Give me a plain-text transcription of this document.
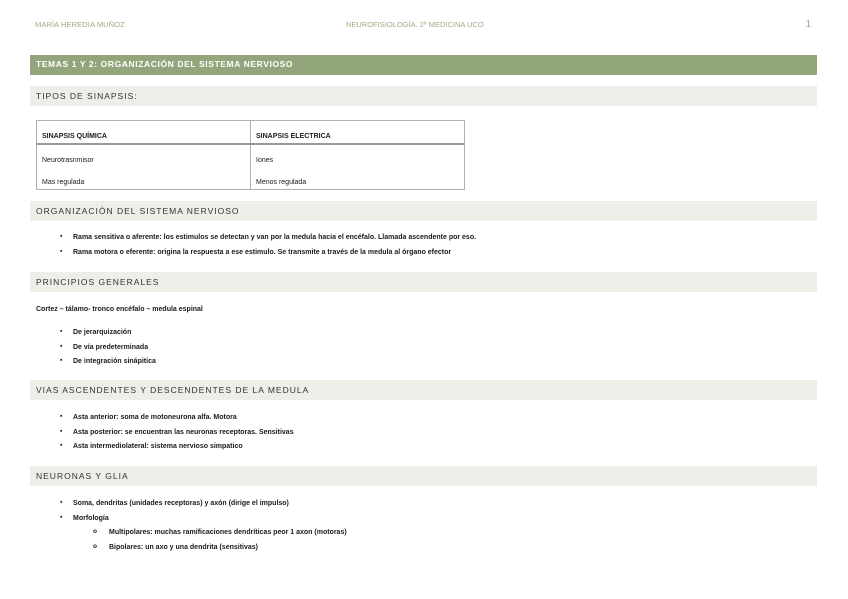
MARÍA HEREDIA MUÑOZ	NEUROFISIOLOGÍA. 2º MEDICINA UCO	1
TEMAS 1 Y 2: ORGANIZACIÓN DEL SISTEMA NERVIOSO
TIPOS DE SINAPSIS:
SINAPSIS QUÍMICA	SINAPSIS ELECTRICA
Neurotrasnmisor	Iones
Mas regulada	Menos regulada
ORGANIZACIÓN DEL SISTEMA NERVIOSO
▪ Rama sensitiva o aferente: los estimulos se detectan y van por la medula hacia el encéfalo. Llamada ascendente por eso.
▪ Rama motora o eferente: origina la respuesta a ese estimulo. Se transmite a través de la medula al órgano efector
PRINCIPIOS GENERALES
Cortez – tálamo- tronco encéfalo – medula espinal
▪ De jerarquización
▪ De vía predeterminada
▪ De integración sinápitica
VIAS ASCENDENTES Y DESCENDENTES DE LA MEDULA
▪ Asta anterior: soma de motoneurona alfa. Motora
▪ Asta posterior: se encuentran las neuronas receptoras. Sensitivas
▪ Asta intermediolateral: sistema nervioso simpatico
NEURONAS Y GLIA
▪ Soma, dendritas (unidades receptoras) y axón (dirige el impulso)
▪ Morfología
o Multipolares: muchas ramificaciones dendríticas peor 1 axon (motoras)
o Bipolares: un axo y una dendrita (sensitivas)
